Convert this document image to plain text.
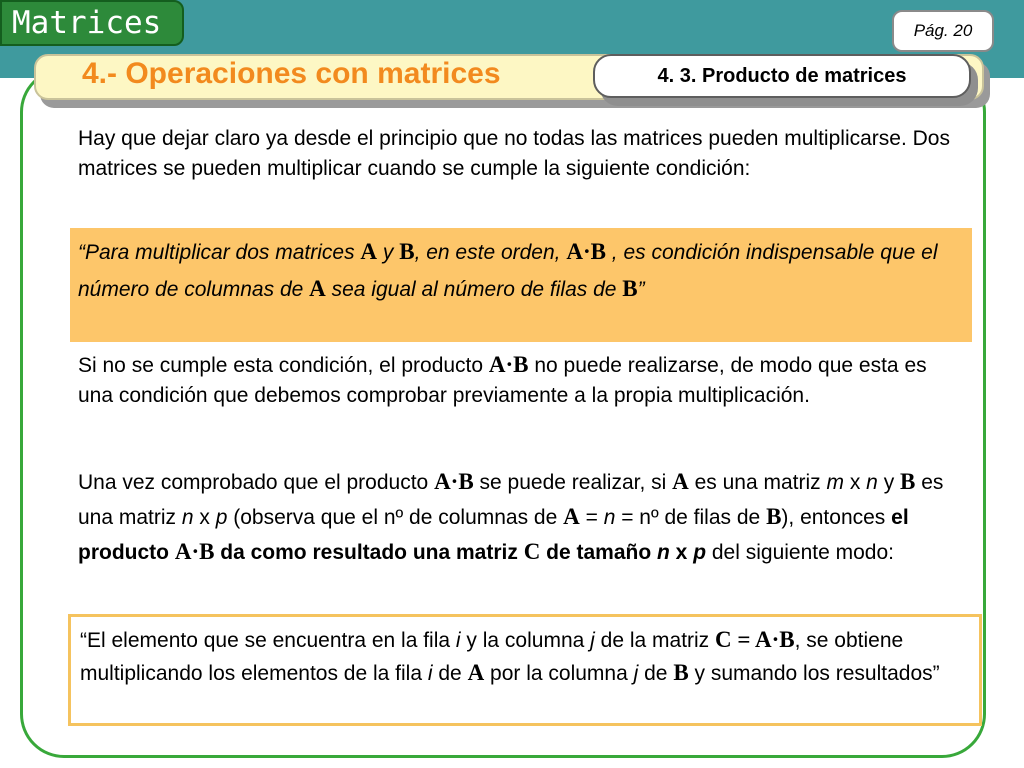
Matrices	Pág. 20
4.- Operaciones con matrices	4. 3. Producto de matrices

Hay que dejar claro ya desde el principio que no todas las matrices pueden multiplicarse. Dos matrices se pueden multiplicar cuando se cumple la siguiente condición:

“Para multiplicar dos matrices A y B, en este orden, A·B , es condición indispensable que el número de columnas de A sea igual al número de filas de B”

Si no se cumple esta condición, el producto A·B no puede realizarse, de modo que esta es una condición que debemos comprobar previamente a la propia multiplicación.

Una vez comprobado que el producto A·B se puede realizar, si A es una matriz m x n y B es una matriz n x p (observa que el nº de columnas de A = n = nº de filas de B), entonces el producto A·B da como resultado una matriz C de tamaño n x p del siguiente modo:

“El elemento que se encuentra en la fila i y la columna j de la matriz C = A·B, se obtiene multiplicando los elementos de la fila i de A por la columna j de B y sumando los resultados”
